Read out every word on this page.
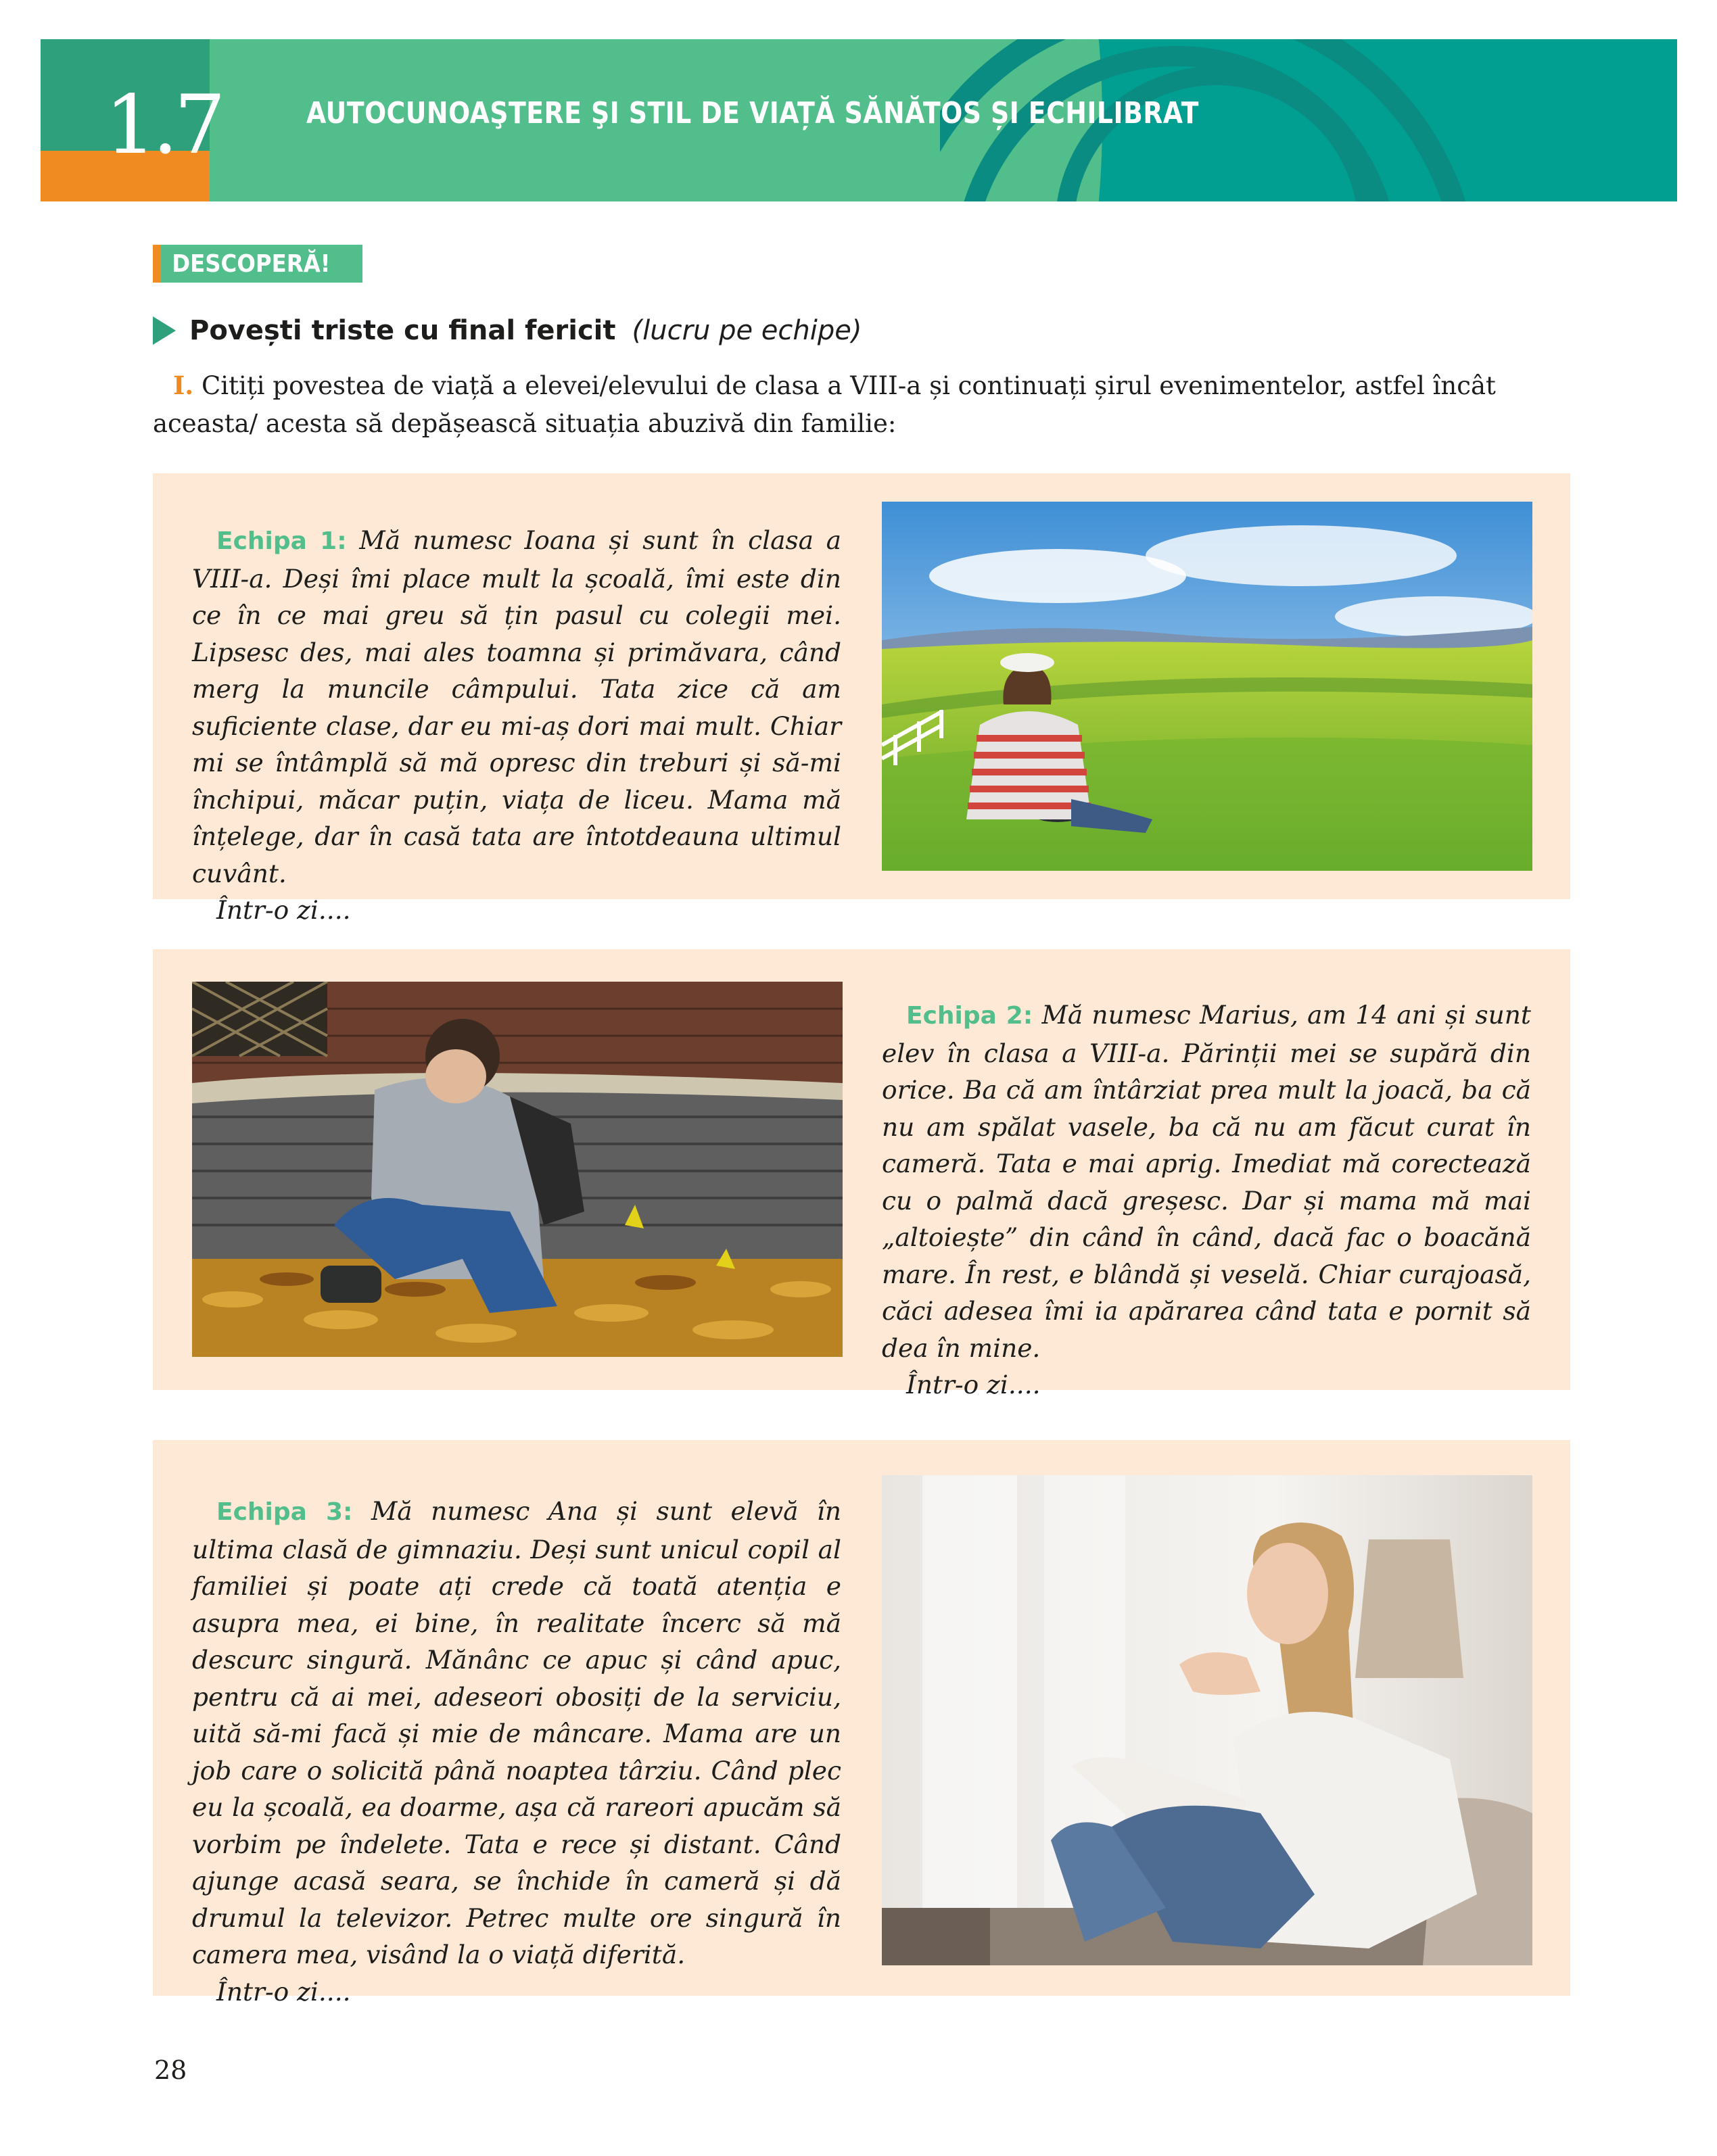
1.7	AUTOCUNOAŞTERE ŞI STIL DE VIAȚĂ SĂNĂTOS ȘI ECHILIBRAT
DESCOPERĂ!
Povești triste cu final fericit (lucru pe echipe)
I. Citiți povestea de viață a elevei/elevului de clasa a VIII-a și continuați șirul evenimentelor, astfel încât aceasta/ acesta să depășească situația abuzivă din familie:

Echipa 1: Mă numesc Ioana și sunt în clasa a VIII-a. Deși îmi place mult la școală, îmi este din ce în ce mai greu să țin pasul cu colegii mei. Lipsesc des, mai ales toamna și primăvara, când merg la muncile câmpului. Tata zice că am suficiente clase, dar eu mi-aș dori mai mult. Chiar mi se întâmplă să mă opresc din treburi și să-mi închipui, măcar puțin, viața de liceu. Mama mă înțelege, dar în casă tata are întotdeauna ultimul cuvânt.

Într-o zi....

Echipa 2: Mă numesc Marius, am 14 ani și sunt elev în clasa a VIII-a. Părinții mei se supără din orice. Ba că am întârziat prea mult la joacă, ba că nu am spălat vasele, ba că nu am făcut curat în cameră. Tata e mai aprig. Imediat mă corectează cu o palmă dacă greșesc. Dar și mama mă mai „altoiește” din când în când, dacă fac o boacănă mare. În rest, e blândă și veselă. Chiar curajoasă, căci adesea îmi ia apărarea când tata e pornit să dea în mine.

Într-o zi....

Echipa 3: Mă numesc Ana și sunt elevă în ultima clasă de gimnaziu. Deși sunt unicul copil al familiei și poate ați crede că toată atenția e asupra mea, ei bine, în realitate încerc să mă descurc singură. Mănânc ce apuc și când apuc, pentru că ai mei, adeseori obosiți de la serviciu, uită să-mi facă și mie de mâncare. Mama are un job care o solicită până noaptea târziu. Când plec eu la școală, ea doarme, așa că rareori apucăm să vorbim pe îndelete. Tata e rece și distant. Când ajunge acasă seara, se închide în cameră și dă drumul la televizor. Petrec multe ore singură în camera mea, visând la o viață diferită.

Într-o zi....

28
